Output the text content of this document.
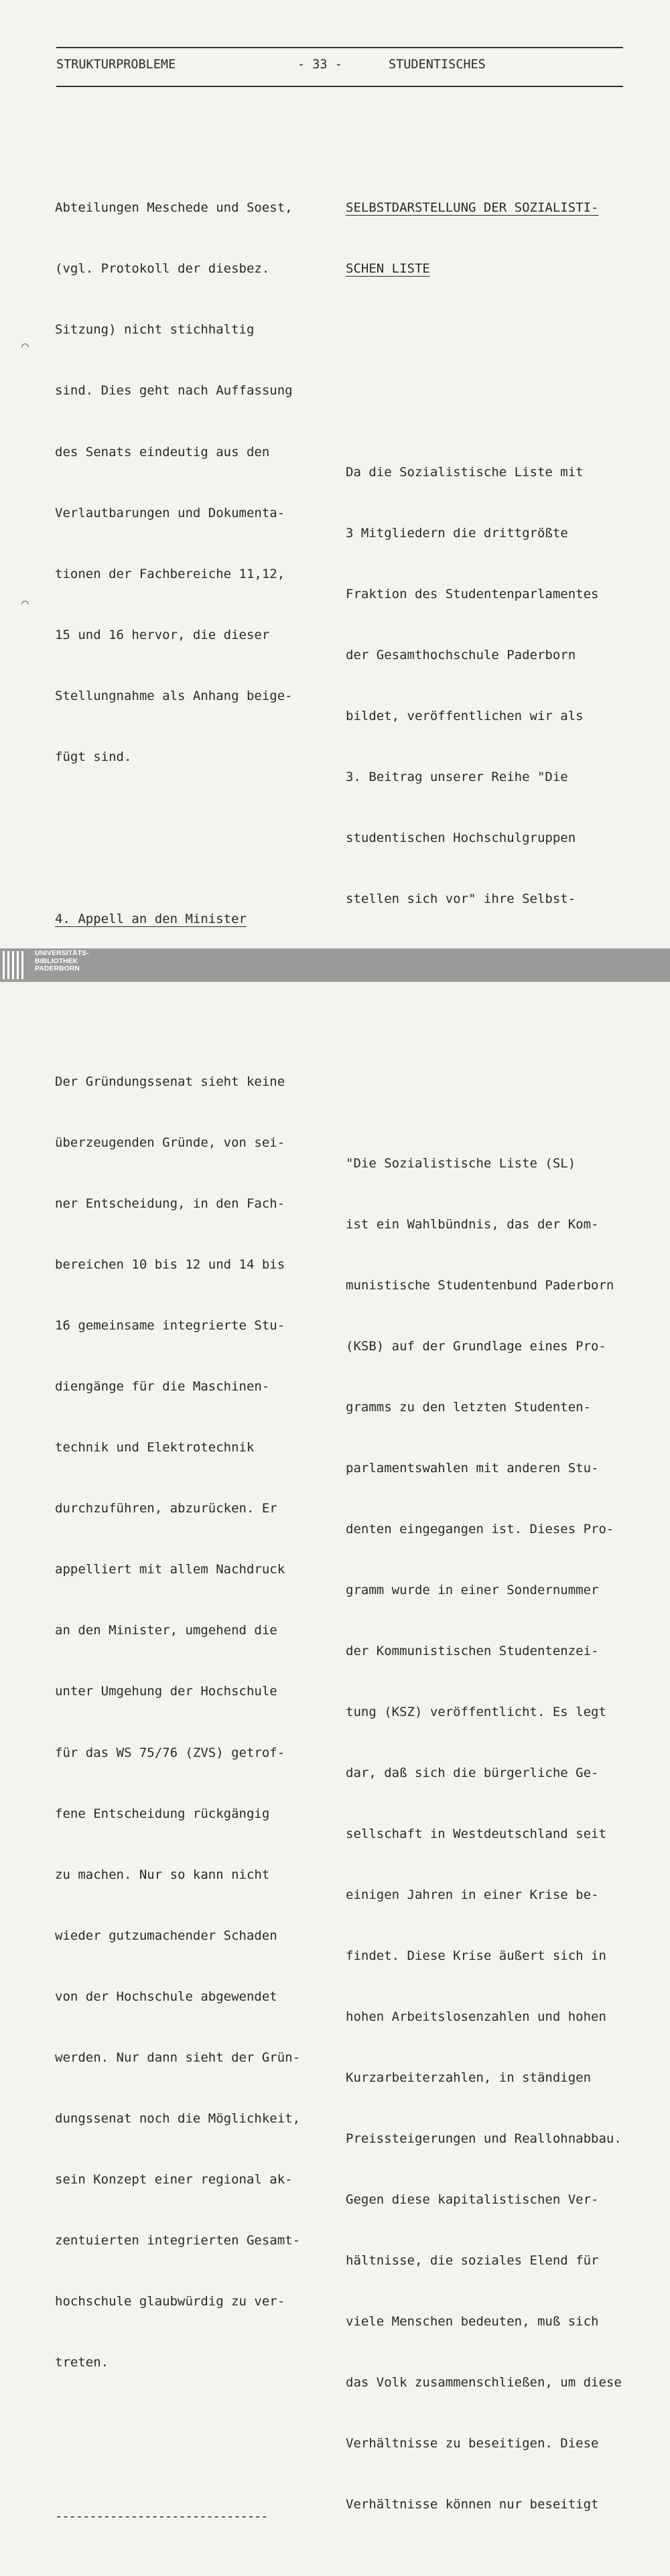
STRUKTURPROBLEME	- 33 -	STUDENTISCHES

Abteilungen Meschede und Soest,

(vgl. Protokoll der diesbez.

Sitzung) nicht stichhaltig

sind. Dies geht nach Auffassung

des Senats eindeutig aus den

Verlautbarungen und Dokumenta-

tionen der Fachbereiche 11,12,

15 und 16 hervor, die dieser

Stellungnahme als Anhang beige-

fügt sind.

4. Appell an den Minister

Der Gründungssenat sieht keine

überzeugenden Gründe, von sei-

ner Entscheidung, in den Fach-

bereichen 10 bis 12 und 14 bis

16 gemeinsame integrierte Stu-

diengänge für die Maschinen-

technik und Elektrotechnik

durchzuführen, abzurücken. Er

appelliert mit allem Nachdruck

an den Minister, umgehend die

unter Umgehung der Hochschule

für das WS 75/76 (ZVS) getrof-

fene Entscheidung rückgängig

zu machen. Nur so kann nicht

wieder gutzumachender Schaden

von der Hochschule abgewendet

werden. Nur dann sieht der Grün-

dungssenat noch die Möglichkeit,

sein Konzept einer regional ak-

zentuierten integrierten Gesamt-

hochschule glaubwürdig zu ver-

treten.

-------------------------------

SELBSTDARSTELLUNG DER SOZIALISTI-

SCHEN LISTE

Da die Sozialistische Liste mit

3 Mitgliedern die drittgrößte

Fraktion des Studentenparlamentes

der Gesamthochschule Paderborn

bildet, veröffentlichen wir als

3. Beitrag unserer Reihe "Die

studentischen Hochschulgruppen

stellen sich vor" ihre Selbst-

"Die Sozialistische Liste (SL)

ist ein Wahlbündnis, das der Kom-

munistische Studentenbund Paderborn

(KSB) auf der Grundlage eines Pro-

gramms zu den letzten Studenten-

parlamentswahlen mit anderen Stu-

denten eingegangen ist. Dieses Pro-

gramm wurde in einer Sondernummer

der Kommunistischen Studentenzei-

tung (KSZ) veröffentlicht. Es legt

dar, daß sich die bürgerliche Ge-

sellschaft in Westdeutschland seit

einigen Jahren in einer Krise be-

findet. Diese Krise äußert sich in

hohen Arbeitslosenzahlen und hohen

Kurzarbeiterzahlen, in ständigen

Preissteigerungen und Reallohnabbau.

Gegen diese kapitalistischen Ver-

hältnisse, die soziales Elend für

viele Menschen bedeuten, muß sich

das Volk zusammenschließen, um diese

Verhältnisse zu beseitigen. Diese

Verhältnisse können nur beseitigt

⌒
⌒
UNIVERSITÄTS-
BIBLIOTHEK
PADERBORN
